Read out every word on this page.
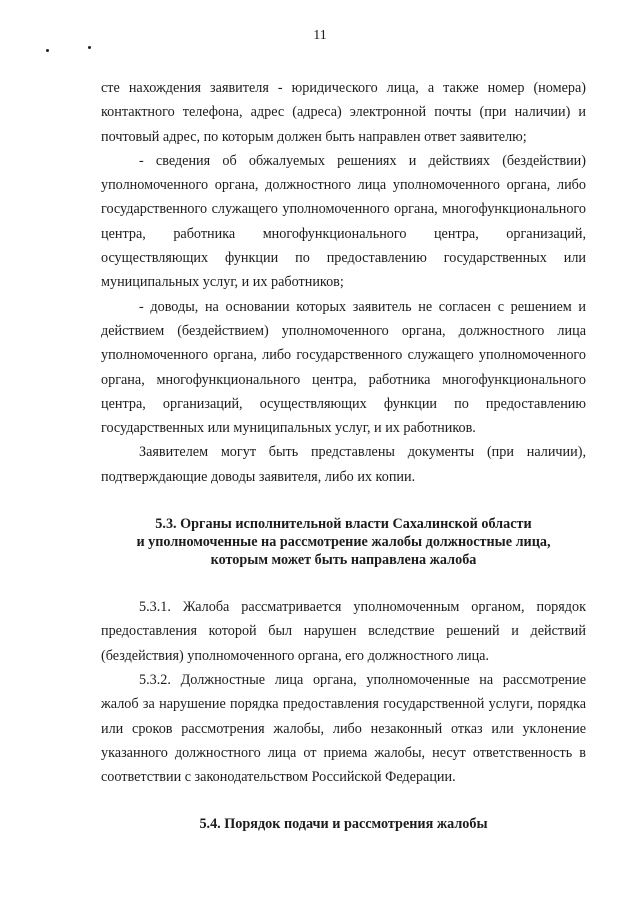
11

сте нахождения заявителя - юридического лица, а также номер (номера) контактного телефона, адрес (адреса) электронной почты (при наличии) и почтовый адрес, по которым должен быть направлен ответ заявителю;

- сведения об обжалуемых решениях и действиях (бездействии) уполномоченного органа, должностного лица уполномоченного органа, либо государственного служащего уполномоченного органа, многофункционального центра, работника многофункционального центра, организаций, осуществляющих функции по предоставлению государственных или муниципальных услуг, и их работников;

- доводы, на основании которых заявитель не согласен с решением и действием (бездействием) уполномоченного органа, должностного лица уполномоченного органа, либо государственного служащего уполномоченного органа, многофункционального центра, работника многофункционального центра, организаций, осуществляющих функции по предоставлению государственных или муниципальных услуг, и их работников.

Заявителем могут быть представлены документы (при наличии), подтверждающие доводы заявителя, либо их копии.

5.3. Органы исполнительной власти Сахалинской области

и уполномоченные на рассмотрение жалобы должностные лица,

которым может быть направлена жалоба

5.3.1. Жалоба рассматривается уполномоченным органом, порядок предоставления которой был нарушен вследствие решений и действий (бездействия) уполномоченного органа, его должностного лица.

5.3.2. Должностные лица органа, уполномоченные на рассмотрение жалоб за нарушение порядка предоставления государственной услуги, порядка или сроков рассмотрения жалобы, либо незаконный отказ или уклонение указанного должностного лица от приема жалобы, несут ответственность в соответствии с законодательством Российской Федерации.

5.4. Порядок подачи и рассмотрения жалобы
